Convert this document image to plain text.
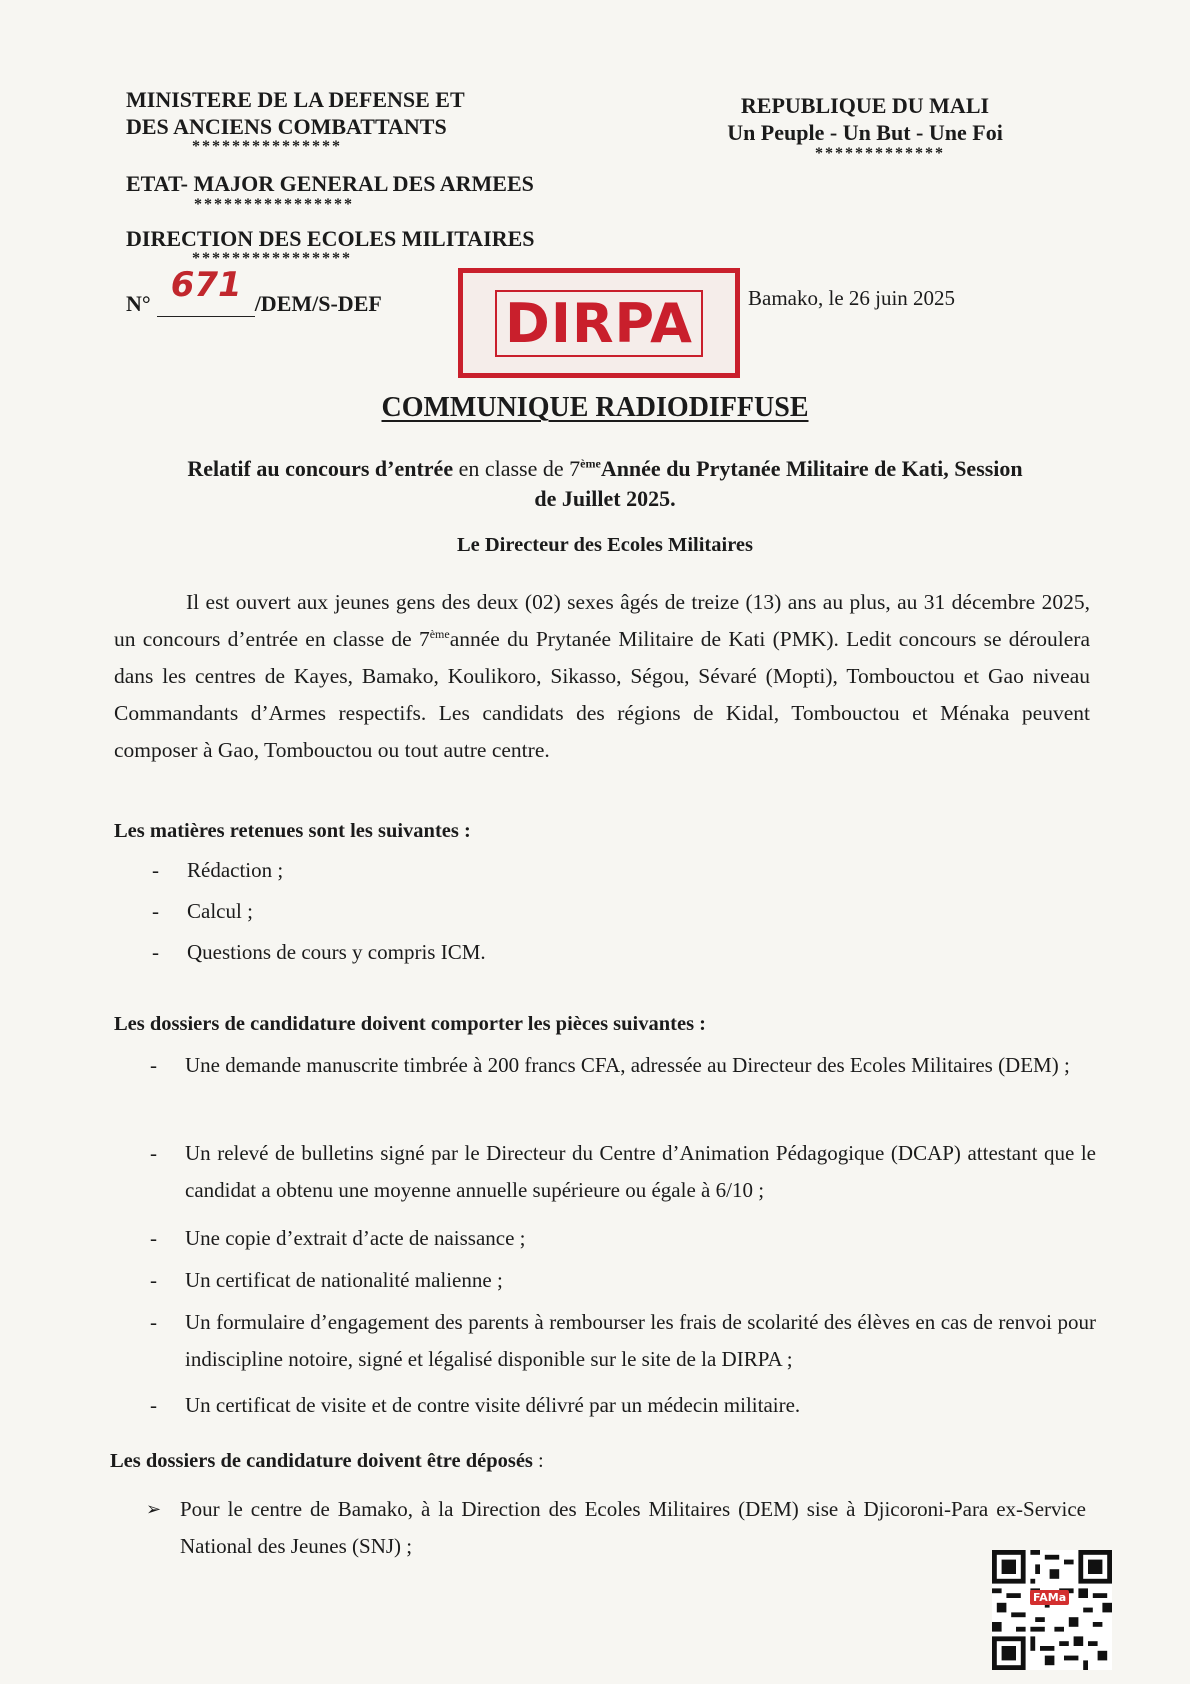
MINISTERE DE LA DEFENSE ET
DES ANCIENS COMBATTANTS
***************
ETAT- MAJOR GENERAL DES ARMEES
****************
DIRECTION DES ECOLES MILITAIRES
****************
N° 671 /DEM/S-DEF
REPUBLIQUE DU MALI
Un Peuple - Un But - Une Foi
*************
Bamako, le 26 juin 2025
DIRPA
COMMUNIQUE RADIODIFFUSE
Relatif au concours d’entrée en classe de 7èmeAnnée du Prytanée Militaire de Kati, Session
de Juillet 2025.
Le Directeur des Ecoles Militaires
Il est ouvert aux jeunes gens des deux (02) sexes âgés de treize (13) ans au plus, au 31 décembre 2025, un concours d’entrée en classe de 7èmeannée du Prytanée Militaire de Kati (PMK). Ledit concours se déroulera dans les centres de Kayes, Bamako, Koulikoro, Sikasso, Ségou, Sévaré (Mopti), Tombouctou et Gao niveau Commandants d’Armes respectifs. Les candidats des régions de Kidal, Tombouctou et Ménaka peuvent composer à Gao, Tombouctou ou tout autre centre.
Les matières retenues sont les suivantes :
- Rédaction ;
- Calcul ;
- Questions de cours y compris ICM.
Les dossiers de candidature doivent comporter les pièces suivantes :
- Une demande manuscrite timbrée à 200 francs CFA, adressée au Directeur des Ecoles Militaires (DEM) ;
- Un relevé de bulletins signé par le Directeur du Centre d’Animation Pédagogique (DCAP) attestant que le candidat a obtenu une moyenne annuelle supérieure ou égale à 6/10 ;
- Une copie d’extrait d’acte de naissance ;
- Un certificat de nationalité malienne ;
- Un formulaire d’engagement des parents à rembourser les frais de scolarité des élèves en cas de renvoi pour indiscipline notoire, signé et légalisé disponible sur le site de la DIRPA ;
- Un certificat de visite et de contre visite délivré par un médecin militaire.
Les dossiers de candidature doivent être déposés :
➢ Pour le centre de Bamako, à la Direction des Ecoles Militaires (DEM) sise à Djicoroni-Para ex-Service National des Jeunes (SNJ) ;
FAMa
